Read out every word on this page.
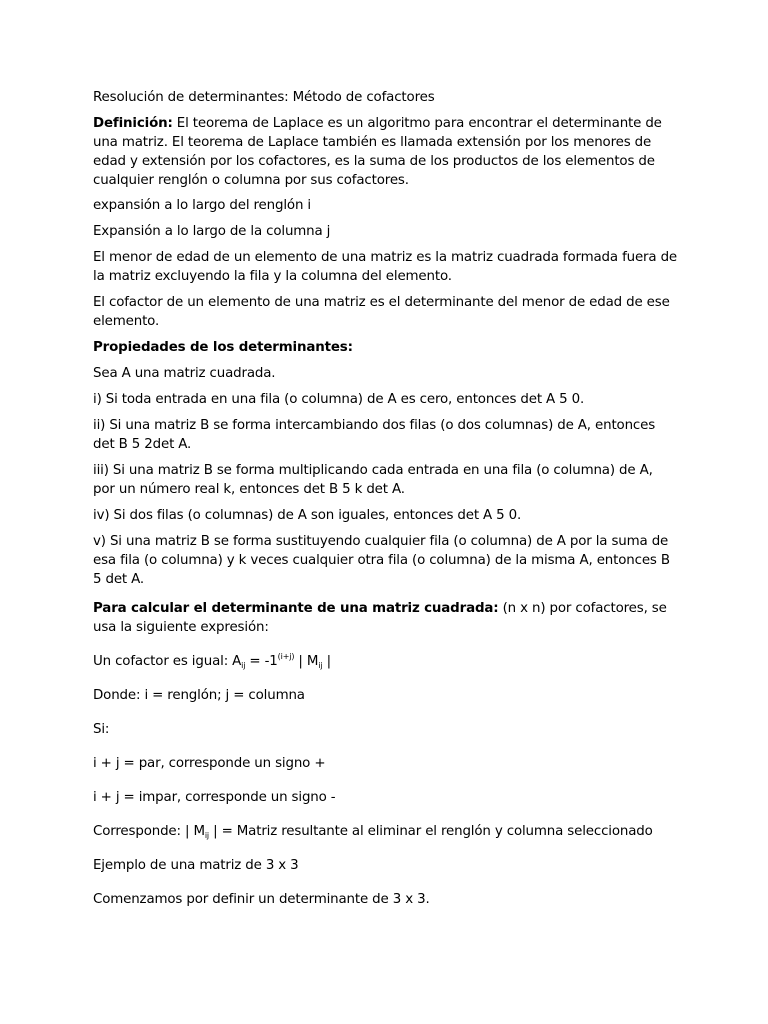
Resolución de determinantes: Método de cofactores

Definición: El teorema de Laplace es un algoritmo para encontrar el determinante de una matriz. El teorema de Laplace también es llamada extensión por los menores de edad y extensión por los cofactores, es la suma de los productos de los elementos de cualquier renglón o columna por sus cofactores.

expansión a lo largo del renglón i

Expansión a lo largo de la columna j

El menor de edad de un elemento de una matriz es la matriz cuadrada formada fuera de la matriz excluyendo la fila y la columna del elemento.

El cofactor de un elemento de una matriz es el determinante del menor de edad de ese elemento.

Propiedades de los determinantes:

Sea A una matriz cuadrada.

i) Si toda entrada en una fila (o columna) de A es cero, entonces det A 5 0.

ii) Si una matriz B se forma intercambiando dos filas (o dos columnas) de A, entonces det B 5 2det A.

iii) Si una matriz B se forma multiplicando cada entrada en una fila (o columna) de A, por un número real k, entonces det B 5 k det A.

iv) Si dos filas (o columnas) de A son iguales, entonces det A 5 0.

v) Si una matriz B se forma sustituyendo cualquier fila (o columna) de A por la suma de esa fila (o columna) y k veces cualquier otra fila (o columna) de la misma A, entonces B 5 det A.

Para calcular el determinante de una matriz cuadrada: (n x n) por cofactores, se usa la siguiente expresión:

Un cofactor es igual: $A_{ij} = -1^{(i+j)}$ | $M_{ij}$ |

Donde: i = renglón; j = columna

Si:

i + j = par, corresponde un signo +

i + j = impar, corresponde un signo -

Corresponde: | $M_{ij}$ | = Matriz resultante al eliminar el renglón y columna seleccionado

Ejemplo de una matriz de 3 x 3

Comenzamos por definir un determinante de 3 x 3.
